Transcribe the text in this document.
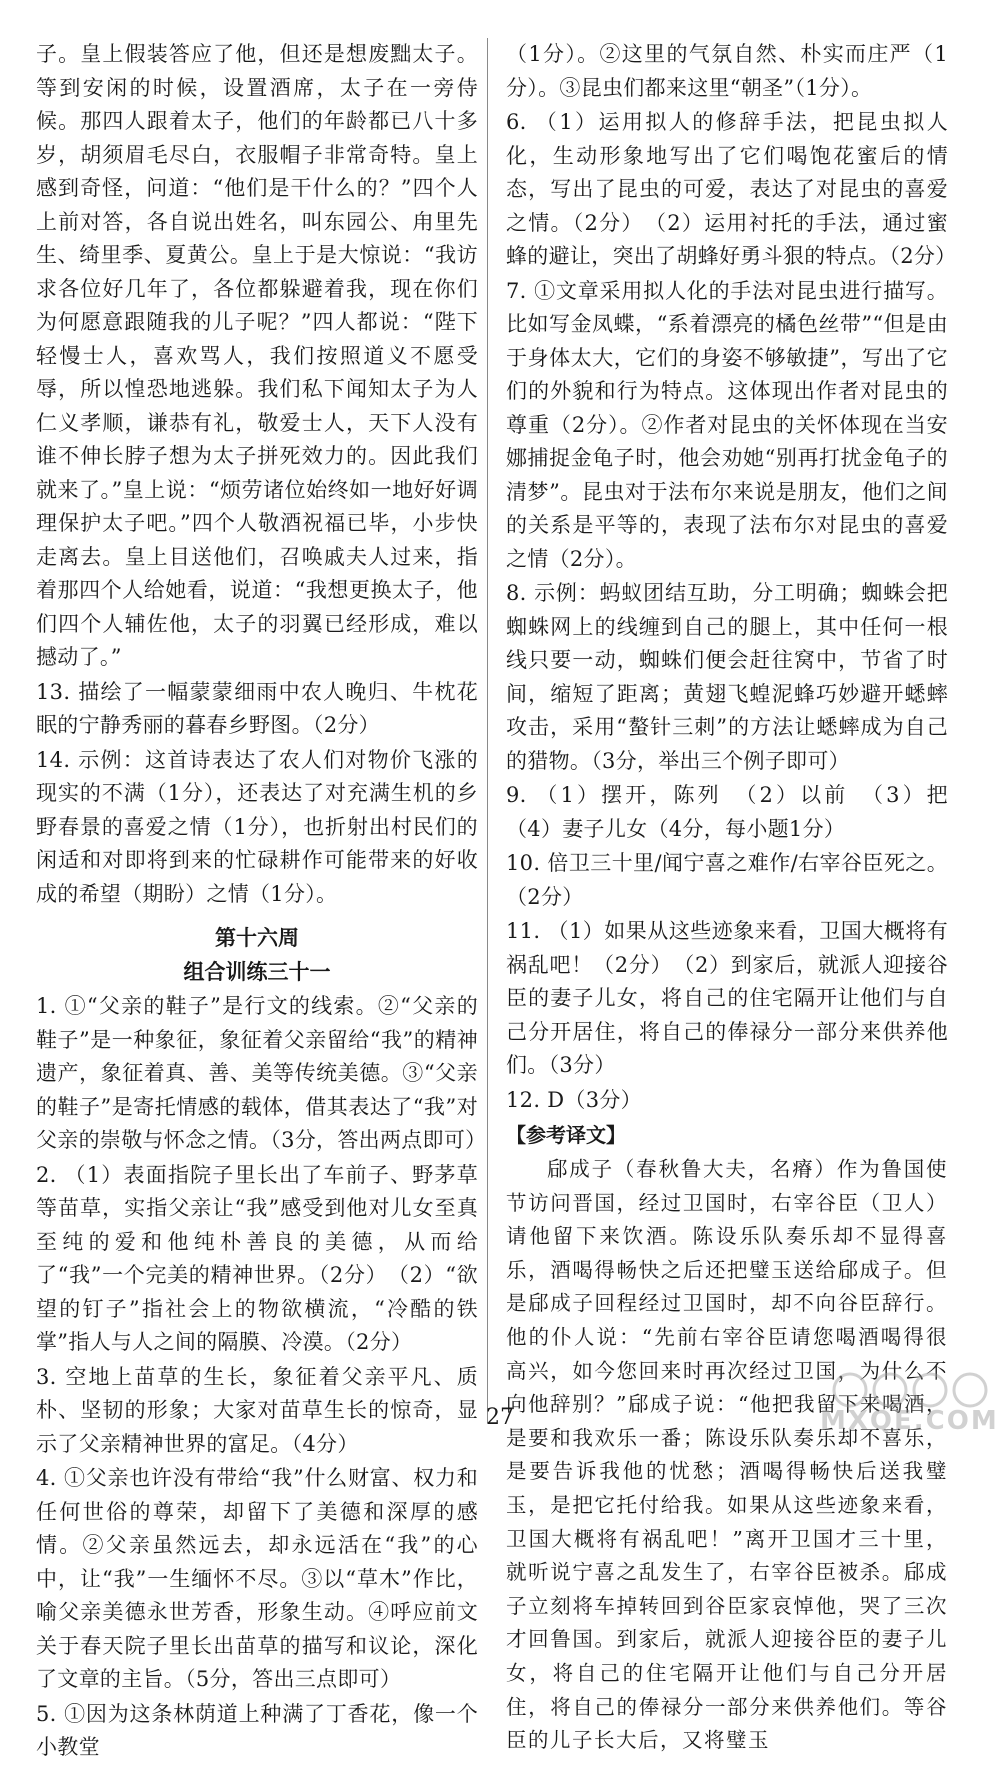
子。皇上假装答应了他，但还是想废黜太子。等到安闲的时候，设置酒席，太子在一旁侍候。那四人跟着太子，他们的年龄都已八十多岁，胡须眉毛尽白，衣服帽子非常奇特。皇上感到奇怪，问道：“他们是干什么的？”四个人上前对答，各自说出姓名，叫东园公、甪里先生、绮里季、夏黄公。皇上于是大惊说：“我访求各位好几年了，各位都躲避着我，现在你们为何愿意跟随我的儿子呢？”四人都说：“陛下轻慢士人，喜欢骂人，我们按照道义不愿受辱，所以惶恐地逃躲。我们私下闻知太子为人仁义孝顺，谦恭有礼，敬爱士人，天下人没有谁不伸长脖子想为太子拼死效力的。因此我们就来了。”皇上说：“烦劳诸位始终如一地好好调理保护太子吧。”四个人敬酒祝福已毕，小步快走离去。皇上目送他们，召唤戚夫人过来，指着那四个人给她看，说道：“我想更换太子，他们四个人辅佐他，太子的羽翼已经形成，难以撼动了。”

13. 描绘了一幅蒙蒙细雨中农人晚归、牛枕花眠的宁静秀丽的暮春乡野图。（2分）

14. 示例：这首诗表达了农人们对物价飞涨的现实的不满（1分），还表达了对充满生机的乡野春景的喜爱之情（1分），也折射出村民们的闲适和对即将到来的忙碌耕作可能带来的好收成的希望（期盼）之情（1分）。

第十六周

组合训练三十一

1. ①“父亲的鞋子”是行文的线索。②“父亲的鞋子”是一种象征，象征着父亲留给“我”的精神遗产，象征着真、善、美等传统美德。③“父亲的鞋子”是寄托情感的载体，借其表达了“我”对父亲的崇敬与怀念之情。（3分，答出两点即可）

2. （1）表面指院子里长出了车前子、野茅草等苗草，实指父亲让“我”感受到他对儿女至真至纯的爱和他纯朴善良的美德，从而给了“我”一个完美的精神世界。（2分）　（2）“欲望的钉子”指社会上的物欲横流，“冷酷的铁掌”指人与人之间的隔膜、冷漠。（2分）

3. 空地上苗草的生长，象征着父亲平凡、质朴、坚韧的形象；大家对苗草生长的惊奇，显示了父亲精神世界的富足。（4分）

4. ①父亲也许没有带给“我”什么财富、权力和任何世俗的尊荣，却留下了美德和深厚的感情。②父亲虽然远去，却永远活在“我”的心中，让“我”一生缅怀不尽。③以“草木”作比，喻父亲美德永世芳香，形象生动。④呼应前文关于春天院子里长出苗草的描写和议论，深化了文章的主旨。（5分，答出三点即可）

5. ①因为这条林荫道上种满了丁香花，像一个小教堂

（1分）。②这里的气氛自然、朴实而庄严（1分）。③昆虫们都来这里“朝圣”（1分）。

6. （1）运用拟人的修辞手法，把昆虫拟人化，生动形象地写出了它们喝饱花蜜后的情态，写出了昆虫的可爱，表达了对昆虫的喜爱之情。（2分）　（2）运用衬托的手法，通过蜜蜂的避让，突出了胡蜂好勇斗狠的特点。（2分）

7. ①文章采用拟人化的手法对昆虫进行描写。比如写金凤蝶，“系着漂亮的橘色丝带”“但是由于身体太大，它们的身姿不够敏捷”，写出了它们的外貌和行为特点。这体现出作者对昆虫的尊重（2分）。②作者对昆虫的关怀体现在当安娜捕捉金龟子时，他会劝她“别再打扰金龟子的清梦”。昆虫对于法布尔来说是朋友，他们之间的关系是平等的，表现了法布尔对昆虫的喜爱之情（2分）。

8. 示例：蚂蚁团结互助，分工明确；蜘蛛会把蜘蛛网上的线缠到自己的腿上，其中任何一根线只要一动，蜘蛛们便会赶往窝中，节省了时间，缩短了距离；黄翅飞蝗泥蜂巧妙避开蟋蟀攻击，采用“螯针三刺”的方法让蟋蟀成为自己的猎物。（3分，举出三个例子即可）

9. （1）摆开，陈列　（2）以前　（3）把　（4）妻子儿女（4分，每小题1分）

10. 倍卫三十里/闻宁喜之难作/右宰谷臣死之。（2分）

11. （1）如果从这些迹象来看，卫国大概将有祸乱吧！（2分）　（2）到家后，就派人迎接谷臣的妻子儿女，将自己的住宅隔开让他们与自己分开居住，将自己的俸禄分一部分来供养他们。（3分）

12. D（3分）

【参考译文】

郈成子（春秋鲁大夫，名瘠）作为鲁国使节访问晋国，经过卫国时，右宰谷臣（卫人）请他留下来饮酒。陈设乐队奏乐却不显得喜乐，酒喝得畅快之后还把璧玉送给郈成子。但是郈成子回程经过卫国时，却不向谷臣辞行。他的仆人说：“先前右宰谷臣请您喝酒喝得很高兴，如今您回来时再次经过卫国，为什么不向他辞别？”郈成子说：“他把我留下来喝酒，是要和我欢乐一番；陈设乐队奏乐却不喜乐，是要告诉我他的忧愁；酒喝得畅快后送我璧玉，是把它托付给我。如果从这些迹象来看，卫国大概将有祸乱吧！”离开卫国才三十里，就听说宁喜之乱发生了，右宰谷臣被杀。郈成子立刻将车掉转回到谷臣家哀悼他，哭了三次才回鲁国。到家后，就派人迎接谷臣的妻子儿女，将自己的住宅隔开让他们与自己分开居住，将自己的俸禄分一部分来供养他们。等谷臣的儿子长大后，又将璧玉

27	MXQE.COM
